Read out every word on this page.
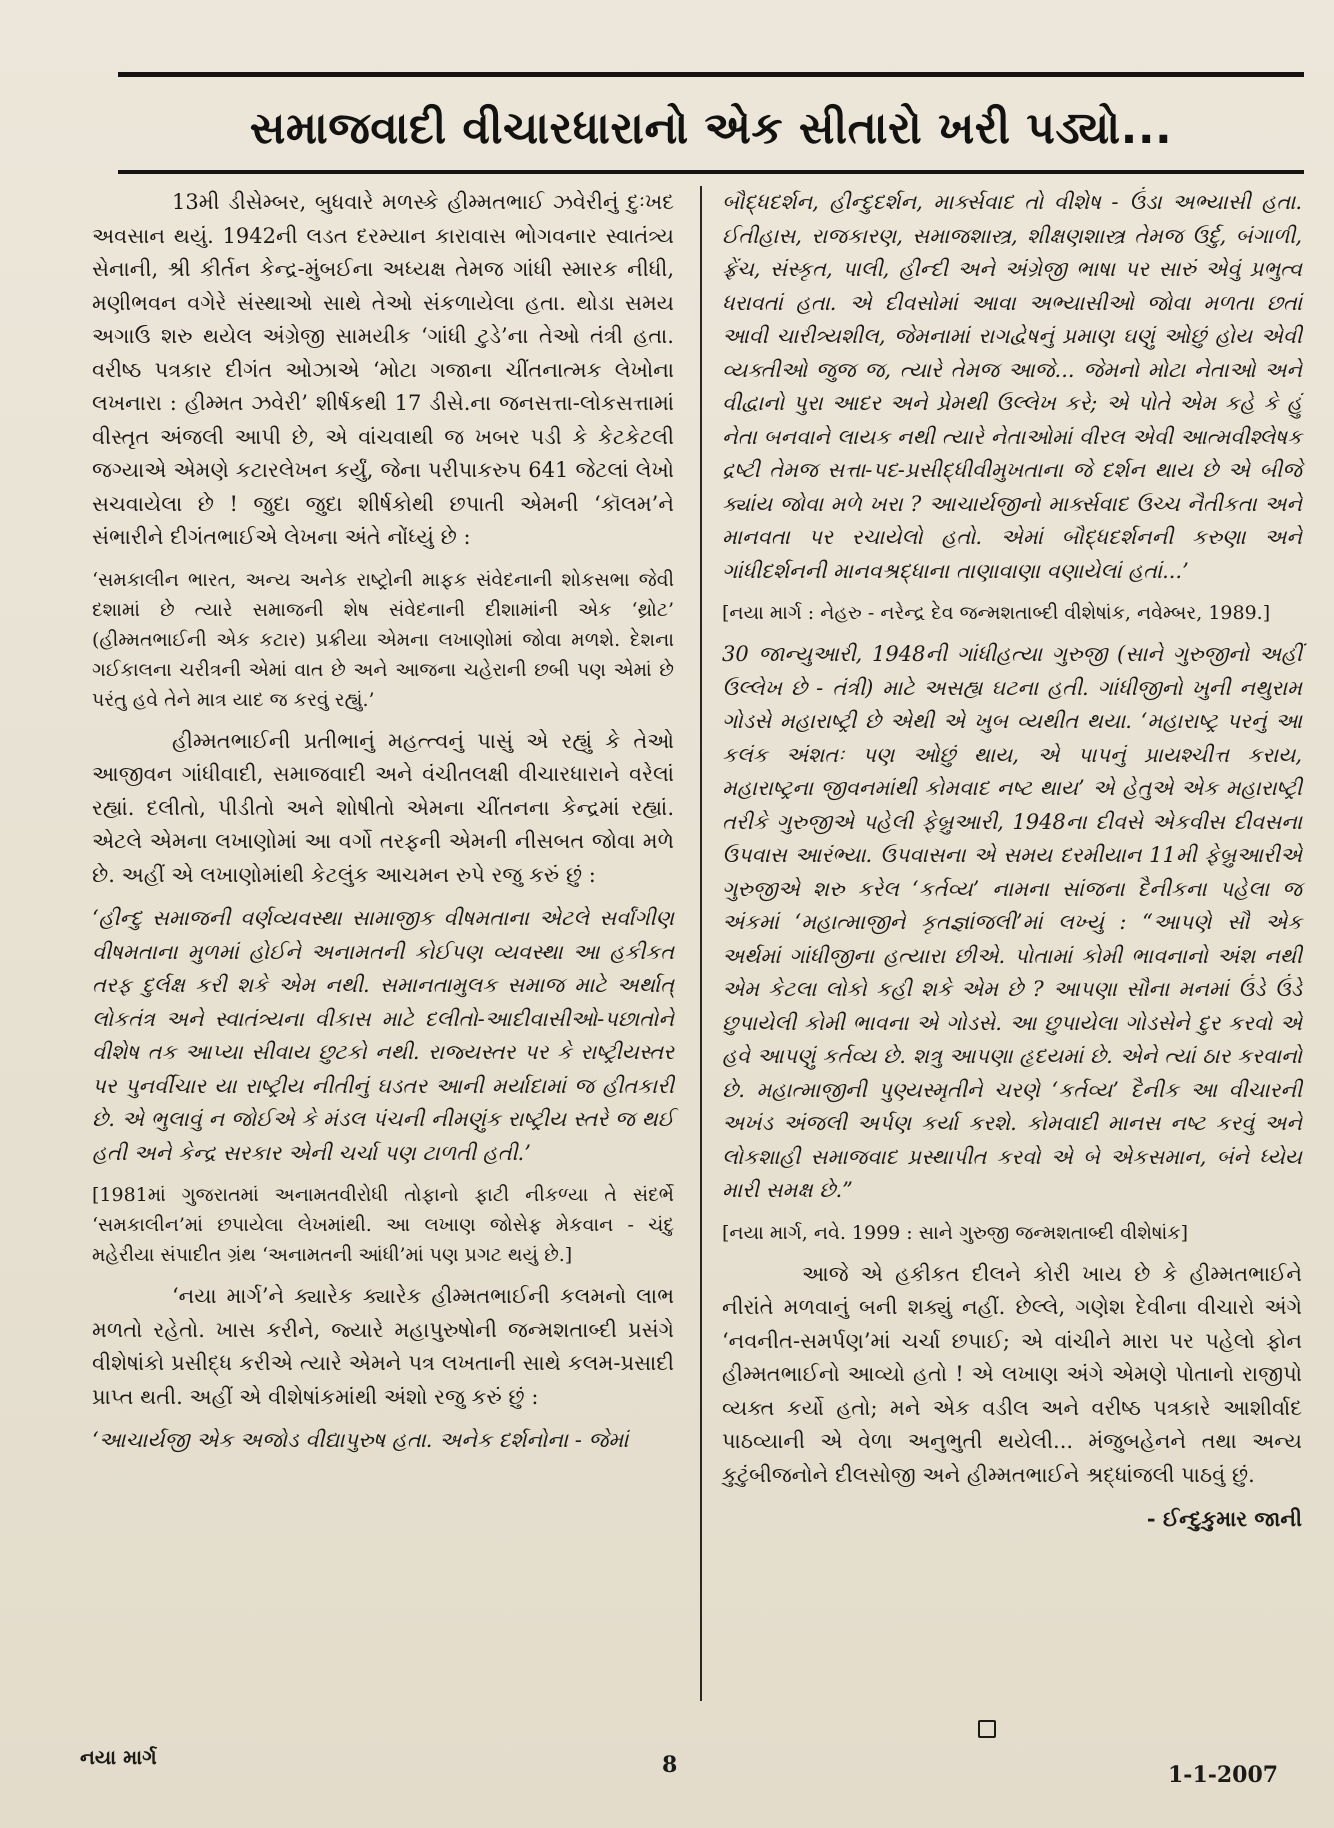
સમાજવાદી વીચારધારાનો એક સીતારો ખરી પડ્યો...

13મી ડીસેમ્બર, બુધવારે મળસ્કે હીમ્મતભાઈ ઝવેરીનું દુઃખદ અવસાન થયું. 1942ની લડત દરમ્યાન કારાવાસ ભોગવનાર સ્વાતંત્ર્ય સેનાની, શ્રી કીર્તન કેન્દ્ર-મુંબઈના અધ્યક્ષ તેમજ ગાંધી સ્મારક નીધી, મણીભવન વગેરે સંસ્થાઓ સાથે તેઓ સંકળાયેલા હતા. થોડા સમય અગાઉ શરુ થયેલ અંગ્રેજી સામયીક ‘ગાંધી ટુડે’ના તેઓ તંત્રી હતા. વરીષ્ઠ પત્રકાર દીગંત ઓઝાએ ‘મોટા ગજાના ચીંતનાત્મક લેખોના લખનારા : હીમ્મત ઝવેરી’ શીર્ષકથી 17 ડીસે.ના જનસત્તા-લોકસત્તામાં વીસ્તૃત અંજલી આપી છે, એ વાંચવાથી જ ખબર પડી કે કેટકેટલી જગ્યાએ એમણે કટારલેખન કર્યું, જેના પરીપાકરુપ 641 જેટલાં લેખો સચવાયેલા છે ! જુદા જુદા શીર્ષકોથી છપાતી એમની ‘કૉલમ’ને સંભારીને દીગંતભાઈએ લેખના અંતે નોંધ્યું છે :

‘સમકાલીન ભારત, અન્ય અનેક રાષ્ટ્રોની માફક સંવેદનાની શોકસભા જેવી દશામાં છે ત્યારે સમાજની શેષ સંવેદનાની દીશામાંની એક ‘થ્રોટ’ (હીમ્મતભાઈની એક કટાર) પ્રક્રીયા એમના લખાણોમાં જોવા મળશે. દેશના ગઈકાલના ચરીત્રની એમાં વાત છે અને આજના ચહેરાની છબી પણ એમાં છે પરંતુ હવે તેને માત્ર યાદ જ કરવું રહ્યું.’

હીમ્મતભાઈની પ્રતીભાનું મહત્ત્વનું પાસું એ રહ્યું કે તેઓ આજીવન ગાંધીવાદી, સમાજવાદી અને વંચીતલક્ષી વીચારધારાને વરેલાં રહ્યાં. દલીતો, પીડીતો અને શોષીતો એમના ચીંતનના કેન્દ્રમાં રહ્યાં. એટલે એમના લખાણોમાં આ વર્ગો તરફની એમની નીસબત જોવા મળે છે. અહીં એ લખાણોમાંથી કેટલુંક આચમન રુપે રજુ કરું છું :

‘હીન્દુ સમાજની વર્ણવ્યવસ્થા સામાજીક વીષમતાના એટલે સર્વાંગીણ વીષમતાના મુળમાં હોઈને અનામતની કોઈપણ વ્યવસ્થા આ હકીકત તરફ દુર્લક્ષ કરી શકે એમ નથી. સમાનતામુલક સમાજ માટે અર્થાત્ લોકતંત્ર અને સ્વાતંત્ર્યના વીકાસ માટે દલીતો-આદીવાસીઓ-પછાતોને વીશેષ તક આપ્યા સીવાય છુટકો નથી. રાજ્યસ્તર પર કે રાષ્ટ્રીયસ્તર પર પુનર્વીચાર યા રાષ્ટ્રીય નીતીનું ઘડતર આની મર્યાદામાં જ હીતકારી છે. એ ભુલાવું ન જોઈએ કે મંડલ પંચની નીમણુંક રાષ્ટ્રીય સ્તરે જ થઈ હતી અને કેન્દ્ર સરકાર એની ચર્ચા પણ ટાળતી હતી.’

[1981માં ગુજરાતમાં અનામતવીરોધી તોફાનો ફાટી નીકળ્યા તે સંદર્ભે ‘સમકાલીન’માં છપાયેલા લેખમાંથી. આ લખાણ જોસેફ મેકવાન - ચંદુ મહેરીયા સંપાદીત ગ્રંથ ‘અનામતની આંધી’માં પણ પ્રગટ થયું છે.]

‘નયા માર્ગ’ને ક્યારેક ક્યારેક હીમ્મતભાઈની કલમનો લાભ મળતો રહેતો. ખાસ કરીને, જ્યારે મહાપુરુષોની જન્મશતાબ્દી પ્રસંગે વીશેષાંકો પ્રસીદ્ધ કરીએ ત્યારે એમને પત્ર લખતાની સાથે કલમ-પ્રસાદી પ્રાપ્ત થતી. અહીં એ વીશેષાંકમાંથી અંશો રજુ કરું છું :

‘આચાર્યજી એક અજોડ વીદ્યાપુરુષ હતા. અનેક દર્શનોના - જેમાં

બૌદ્ધદર્શન, હીન્દુદર્શન, માર્ક્સવાદ તો વીશેષ - ઉંડા અભ્યાસી હતા. ઈતીહાસ, રાજકારણ, સમાજશાસ્ત્ર, શીક્ષણશાસ્ત્ર તેમજ ઉર્દુ, બંગાળી, ફ્રેંચ, સંસ્કૃત, પાલી, હીન્દી અને અંગ્રેજી ભાષા પર સારું એવું પ્રભુત્વ ધરાવતાં હતા. એ દીવસોમાં આવા અભ્યાસીઓ જોવા મળતા છતાં આવી ચારીત્ર્યશીલ, જેમનામાં રાગદ્વેષનું પ્રમાણ ઘણું ઓછું હોય એવી વ્યક્તીઓ જુજ જ, ત્યારે તેમજ આજે... જેમનો મોટા નેતાઓ અને વીદ્વાનો પુરા આદર અને પ્રેમથી ઉલ્લેખ કરે; એ પોતે એમ કહે કે હું નેતા બનવાને લાયક નથી ત્યારે નેતાઓમાં વીરલ એવી આત્મવીશ્લેષક દ્રષ્ટી તેમજ સત્તા-પદ-પ્રસીદ્ધીવીમુખતાના જે દર્શન થાય છે એ બીજે ક્યાંય જોવા મળે ખરા ? આચાર્યજીનો માર્ક્સવાદ ઉચ્ચ નૈતીકતા અને માનવતા પર રચાયેલો હતો. એમાં બૌદ્ધદર્શનની કરુણા અને ગાંધીદર્શનની માનવશ્રદ્ધાના તાણાવાણા વણાયેલાં હતાં...’

[નયા માર્ગ : નેહરુ - નરેન્દ્ર દેવ જન્મશતાબ્દી વીશેષાંક, નવેમ્બર, 1989.]

30 જાન્યુઆરી, 1948ની ગાંધીહત્યા ગુરુજી (સાને ગુરુજીનો અહીં ઉલ્લેખ છે - તંત્રી) માટે અસહ્ય ઘટના હતી. ગાંધીજીનો ખુની નથુરામ ગોડસે મહારાષ્ટ્રી છે એથી એ ખુબ વ્યથીત થયા. ‘મહારાષ્ટ્ર પરનું આ કલંક અંશતઃ પણ ઓછું થાય, એ પાપનું પ્રાયશ્ચીત્ત કરાય, મહારાષ્ટ્રના જીવનમાંથી કોમવાદ નષ્ટ થાય’ એ હેતુએ એક મહારાષ્ટ્રી તરીકે ગુરુજીએ પહેલી ફેબ્રુઆરી, 1948ના દીવસે એકવીસ દીવસના ઉપવાસ આરંભ્યા. ઉપવાસના એ સમય દરમીયાન 11મી ફેબ્રુઆરીએ ગુરુજીએ શરુ કરેલ ‘કર્તવ્ય’ નામના સાંજના દૈનીકના પહેલા જ અંકમાં ‘મહાત્માજીને કૃતજ્ઞાંજલી’માં લખ્યું : “આપણે સૌ એક અર્થમાં ગાંધીજીના હત્યારા છીએ. પોતામાં કોમી ભાવનાનો અંશ નથી એમ કેટલા લોકો કહી શકે એમ છે ? આપણા સૌના મનમાં ઉંડે ઉંડે છુપાયેલી કોમી ભાવના એ ગોડસે. આ છુપાયેલા ગોડસેને દુર કરવો એ હવે આપણું કર્તવ્ય છે. શત્રુ આપણા હૃદયમાં છે. એને ત્યાં ઠાર કરવાનો છે. મહાત્માજીની પુણ્યસ્મૃતીને ચરણે ‘કર્તવ્ય’ દૈનીક આ વીચારની અખંડ અંજલી અર્પણ કર્યા કરશે. કોમવાદી માનસ નષ્ટ કરવું અને લોકશાહી સમાજવાદ પ્રસ્થાપીત કરવો એ બે એકસમાન, બંને ધ્યેય મારી સમક્ષ છે.”

[નયા માર્ગ, નવે. 1999 : સાને ગુરુજી જન્મશતાબ્દી વીશેષાંક]

આજે એ હકીકત દીલને કોરી ખાય છે કે હીમ્મતભાઈને નીરાંતે મળવાનું બની શક્યું નહીં. છેલ્લે, ગણેશ દેવીના વીચારો અંગે ‘નવનીત-સમર્પણ’માં ચર્ચા છપાઈ; એ વાંચીને મારા પર પહેલો ફોન હીમ્મતભાઈનો આવ્યો હતો ! એ લખાણ અંગે એમણે પોતાનો રાજીપો વ્યક્ત કર્યો હતો; મને એક વડીલ અને વરીષ્ઠ પત્રકારે આશીર્વાદ પાઠવ્યાની એ વેળા અનુભુતી થયેલી... મંજુબહેનને તથા અન્ય કુટુંબીજનોને દીલસોજી અને હીમ્મતભાઈને શ્રદ્ધાંજલી પાઠવું છું.

- ઈન્દુકુમાર જાની

નયા માર્ગ	8	1-1-2007
